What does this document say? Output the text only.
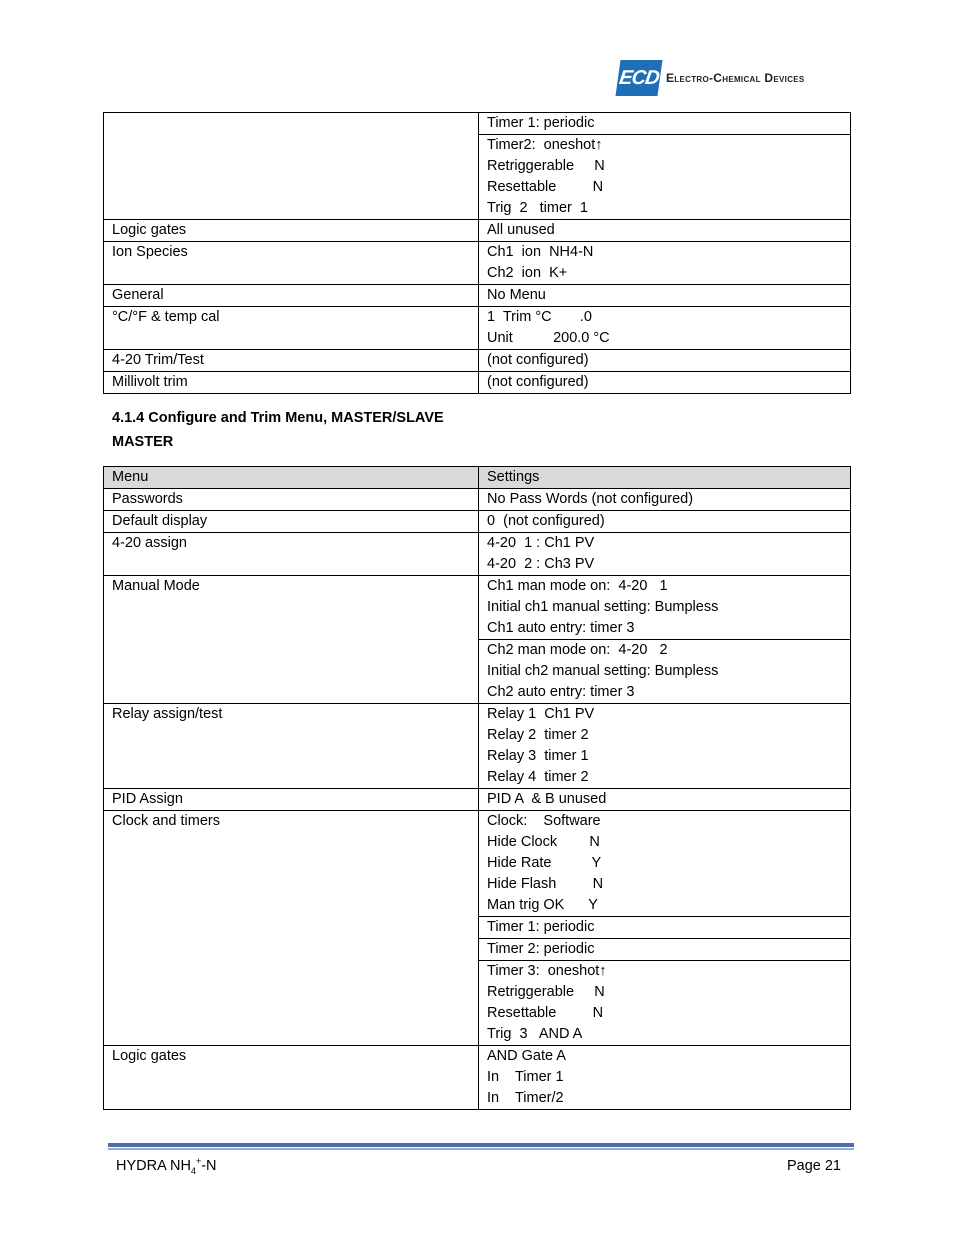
ECD Electro-Chemical Devices
	Timer 1: periodic
	Timer2:  oneshot↑
Retriggerable     N
Resettable         N
Trig  2   timer  1
Logic gates	All unused
Ion Species	Ch1  ion  NH4-N
Ch2  ion  K+
General	No Menu
°C/°F & temp cal	1  Trim °C       .0
Unit          200.0 °C
4-20 Trim/Test	(not configured)
Millivolt trim	(not configured)
4.1.4 Configure and Trim Menu, MASTER/SLAVE
MASTER
Menu	Settings
Passwords	No Pass Words (not configured)
Default display	0  (not configured)
4-20 assign	4-20  1 : Ch1 PV
4-20  2 : Ch3 PV
Manual Mode	Ch1 man mode on:  4-20   1
Initial ch1 manual setting: Bumpless
Ch1 auto entry: timer 3
	Ch2 man mode on:  4-20   2
Initial ch2 manual setting: Bumpless
Ch2 auto entry: timer 3
Relay assign/test	Relay 1  Ch1 PV
Relay 2  timer 2
Relay 3  timer 1
Relay 4  timer 2
PID Assign	PID A  & B unused
Clock and timers	Clock:    Software
Hide Clock        N
Hide Rate          Y
Hide Flash         N
Man trig OK      Y
	Timer 1: periodic
	Timer 2: periodic
	Timer 3:  oneshot↑
Retriggerable     N
Resettable         N
Trig  3   AND A
Logic gates	AND Gate A
In    Timer 1
In    Timer/2
HYDRA $NH_4^+-N$	Page 21
